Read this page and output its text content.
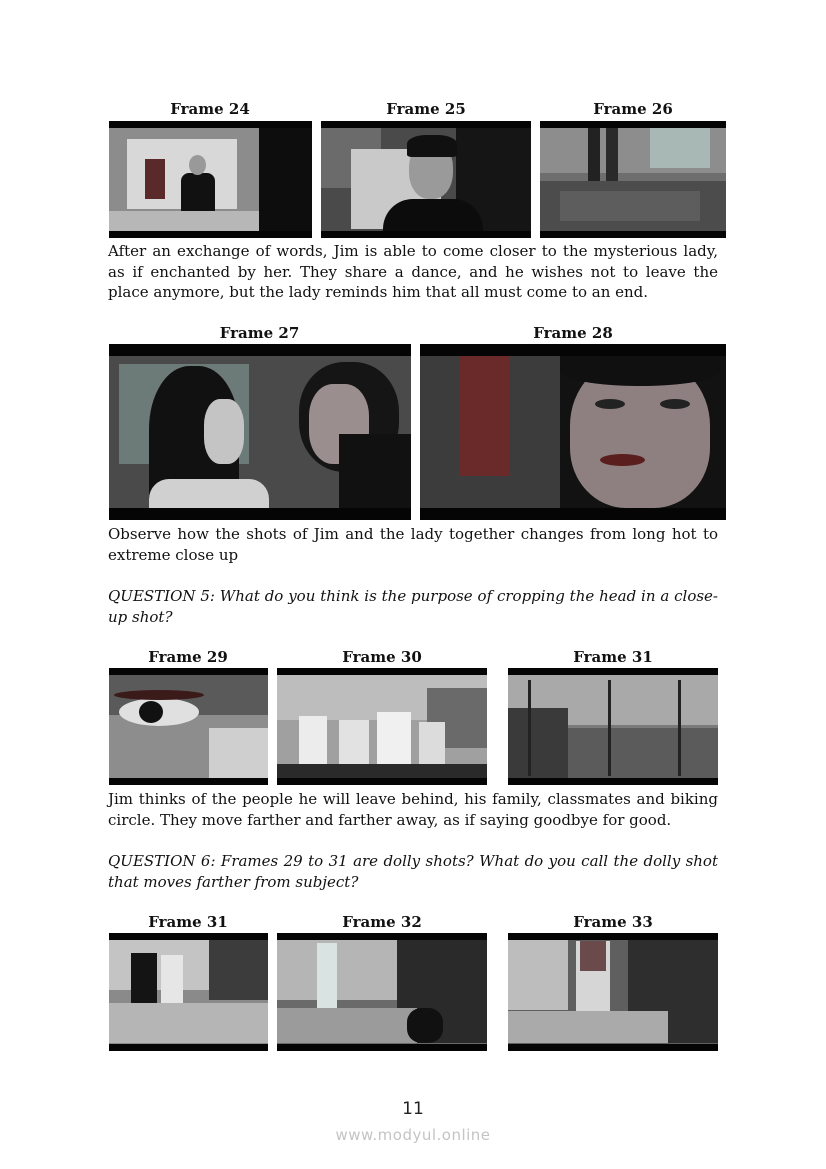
Frame 24	Frame 25	Frame 26
After an exchange of words, Jim is able to come closer to the mysterious lady, as if enchanted by her. They share a dance, and he wishes not to leave the place anymore, but the lady reminds him that all must come to an end.
Frame 27	Frame 28
Observe how the shots of Jim and the lady together changes from long hot to extreme close up
QUESTION 5: What do you think is the purpose of cropping the head in a close-up shot?
Frame 29	Frame 30	Frame 31
Jim thinks of the people he will leave behind, his family, classmates and biking circle. They move farther and farther away, as if saying goodbye for good.
QUESTION 6: Frames 29 to 31 are dolly shots? What do you call the dolly shot that moves farther from subject?
Frame 31	Frame 32	Frame 33
11
www.modyul.online
